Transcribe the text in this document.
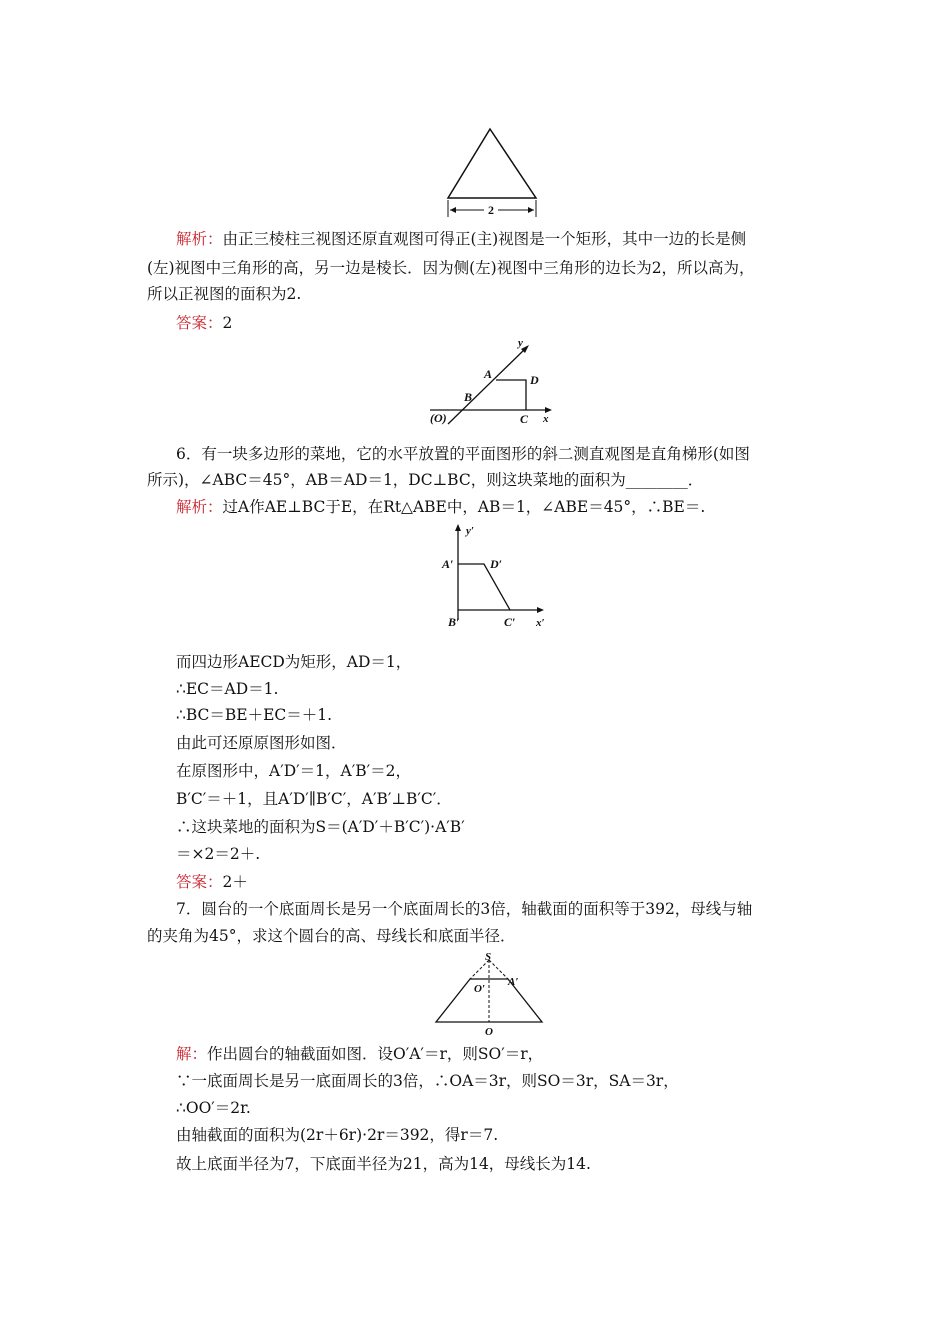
2
解析：由正三棱柱三视图还原直观图可得正(主)视图是一个矩形，其中一边的长是侧
(左)视图中三角形的高，另一边是棱长．因为侧(左)视图中三角形的边长为2，所以高为，
所以正视图的面积为2.
答案：2
y
A	D
B
C x
(O)
6．有一块多边形的菜地，它的水平放置的平面图形的斜二测直观图是直角梯形(如图
所示)，∠ABC＝45°，AB＝AD＝1，DC⊥BC，则这块菜地的面积为________．
解析：过A作AE⊥BC于E，在Rt△ABE中，AB＝1，∠ABE＝45°，∴BE＝.
y′
A′	D′
B′	C′ x′
而四边形AECD为矩形，AD＝1，
∴EC＝AD＝1.
∴BC＝BE＋EC＝＋1.
由此可还原原图形如图．
在原图形中，A′D′＝1，A′B′＝2，
B′C′＝＋1，且A′D′∥B′C′，A′B′⊥B′C′．
∴这块菜地的面积为S＝(A′D′＋B′C′)·A′B′
＝×2＝2＋.
答案：2＋
7．圆台的一个底面周长是另一个底面周长的3倍，轴截面的面积等于392，母线与轴
的夹角为45°，求这个圆台的高、母线长和底面半径．
S
A′
O′
O
解：作出圆台的轴截面如图．设O′A′＝r，则SO′＝r，
∵一底面周长是另一底面周长的3倍，∴OA＝3r，则SO＝3r，SA＝3r，
∴OO′＝2r.
由轴截面的面积为(2r＋6r)·2r＝392，得r＝7.
故上底面半径为7，下底面半径为21，高为14，母线长为14.
